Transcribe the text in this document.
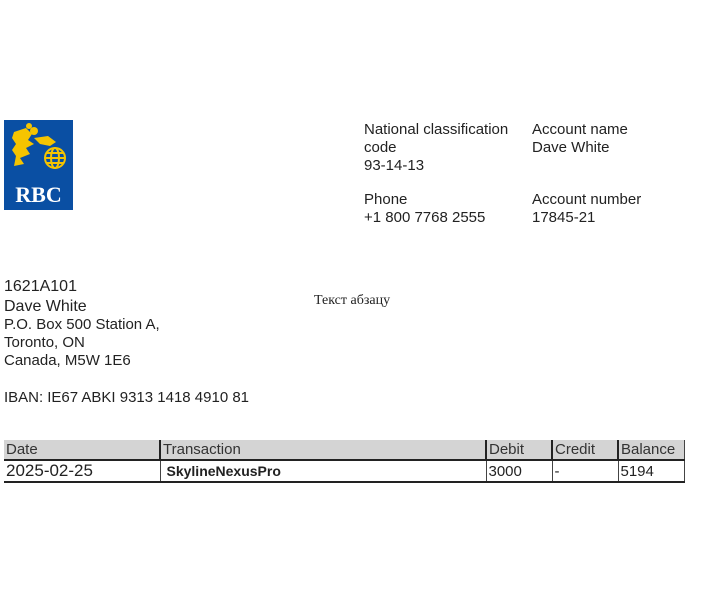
RBC
National classification code
93-14-13
Account name
Dave White
Phone
+1 800 7768 2555
Account number
17845-21
1621A101
Dave White
P.O. Box 500 Station A,
Toronto, ON
Canada, M5W 1E6
Текст абзацу
IBAN: IE67 ABKI 9313 1418 4910 81
Date	Transaction	Debit	Credit	Balance
2025-02-25	SkylineNexusPro	3000	-	5194
